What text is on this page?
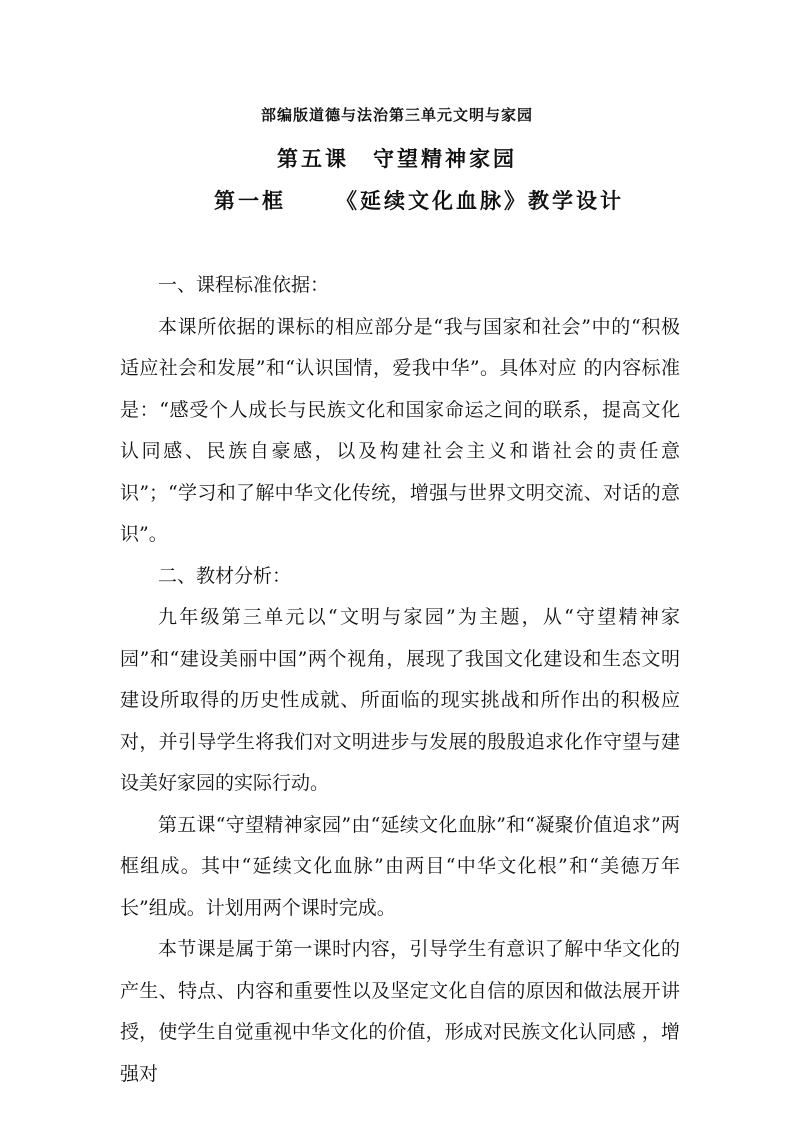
部编版道德与法治第三单元文明与家园
第五课　守望精神家园
第一框 《延续文化血脉》教学设计

一、课程标准依据：

本课所依据的课标的相应部分是“我与国家和社会”中的“积极适应社会和发展”和“认识国情，爱我中华”。具体对应 的内容标准是：“感受个人成长与民族文化和国家命运之间的联系，提高文化认同感、民族自豪感，以及构建社会主义和谐社会的责任意识”；“学习和了解中华文化传统，增强与世界文明交流、对话的意识”。

二、教材分析：

九年级第三单元以“文明与家园”为主题，从“守望精神家园”和“建设美丽中国”两个视角，展现了我国文化建设和生态文明建设所取得的历史性成就、所面临的现实挑战和所作出的积极应对，并引导学生将我们对文明进步与发展的殷殷追求化作守望与建设美好家园的实际行动。

第五课“守望精神家园”由“延续文化血脉”和“凝聚价值追求”两框组成。其中“延续文化血脉”由两目“中华文化根”和“美德万年长”组成。计划用两个课时完成。

本节课是属于第一课时内容，引导学生有意识了解中华文化的产生、特点、内容和重要性以及坚定文化自信的原因和做法展开讲授，使学生自觉重视中华文化的价值，形成对民族文化认同感 ，增强对
